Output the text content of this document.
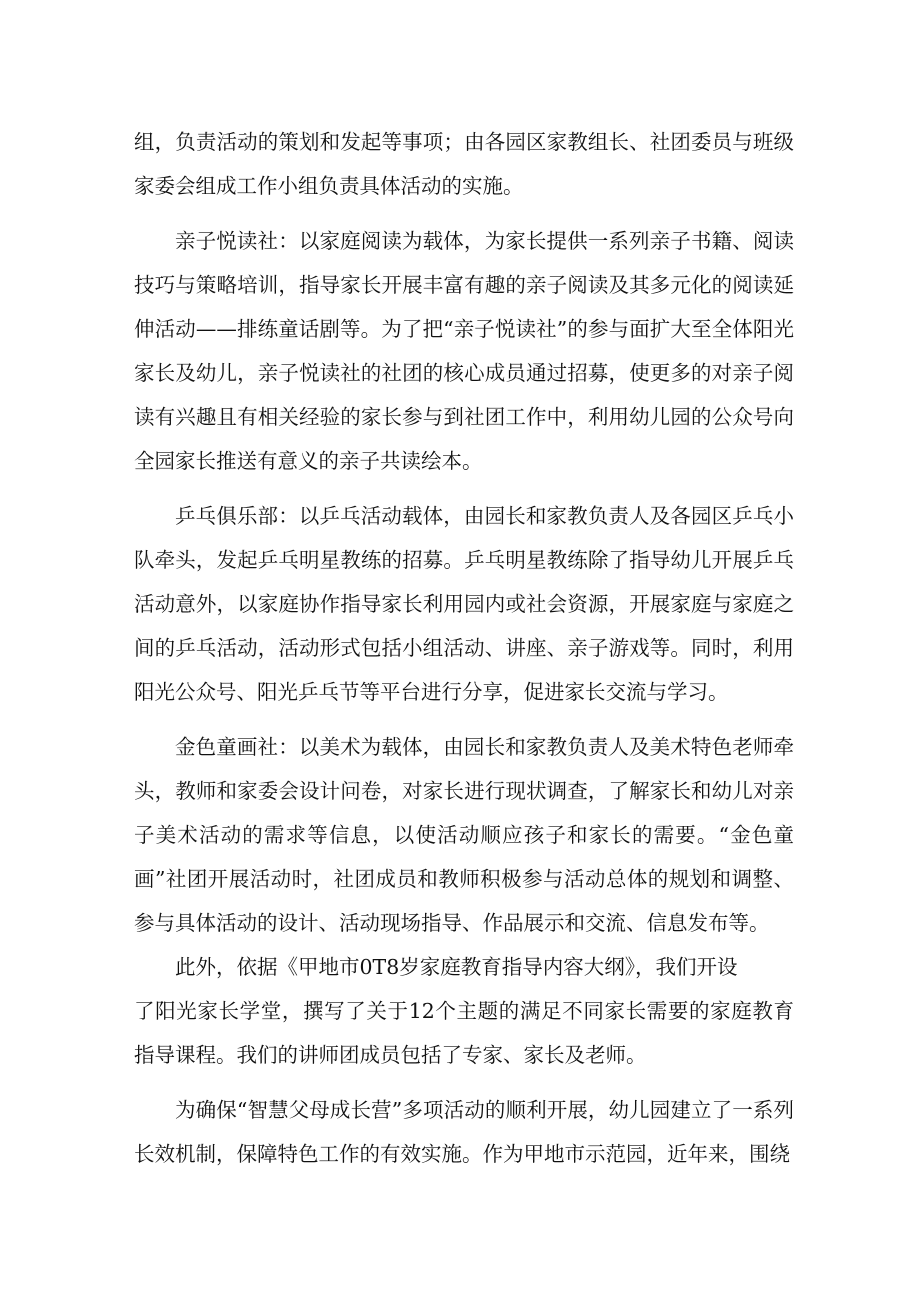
组，负责活动的策划和发起等事项；由各园区家教组长、社团委员与班级家委会组成工作小组负责具体活动的实施。

亲子悦读社：以家庭阅读为载体，为家长提供一系列亲子书籍、阅读技巧与策略培训，指导家长开展丰富有趣的亲子阅读及其多元化的阅读延伸活动——排练童话剧等。为了把“亲子悦读社”的参与面扩大至全体阳光家长及幼儿，亲子悦读社的社团的核心成员通过招募，使更多的对亲子阅读有兴趣且有相关经验的家长参与到社团工作中，利用幼儿园的公众号向全园家长推送有意义的亲子共读绘本。

乒乓俱乐部：以乒乓活动载体，由园长和家教负责人及各园区乒乓小队牵头，发起乒乓明星教练的招募。乒乓明星教练除了指导幼儿开展乒乓活动意外，以家庭协作指导家长利用园内或社会资源，开展家庭与家庭之间的乒乓活动，活动形式包括小组活动、讲座、亲子游戏等。同时，利用阳光公众号、阳光乒乓节等平台进行分享，促进家长交流与学习。

金色童画社：以美术为载体，由园长和家教负责人及美术特色老师牵头，教师和家委会设计问卷，对家长进行现状调查，了解家长和幼儿对亲子美术活动的需求等信息，以使活动顺应孩子和家长的需要。“金色童画”社团开展活动时，社团成员和教师积极参与活动总体的规划和调整、参与具体活动的设计、活动现场指导、作品展示和交流、信息发布等。

此外，依据《甲地市0T8岁家庭教育指导内容大纲》，我们开设

了阳光家长学堂，撰写了关于12个主题的满足不同家长需要的家庭教育指导课程。我们的讲师团成员包括了专家、家长及老师。

为确保“智慧父母成长营”多项活动的顺利开展，幼儿园建立了一系列长效机制，保障特色工作的有效实施。作为甲地市示范园，近年来，围绕
